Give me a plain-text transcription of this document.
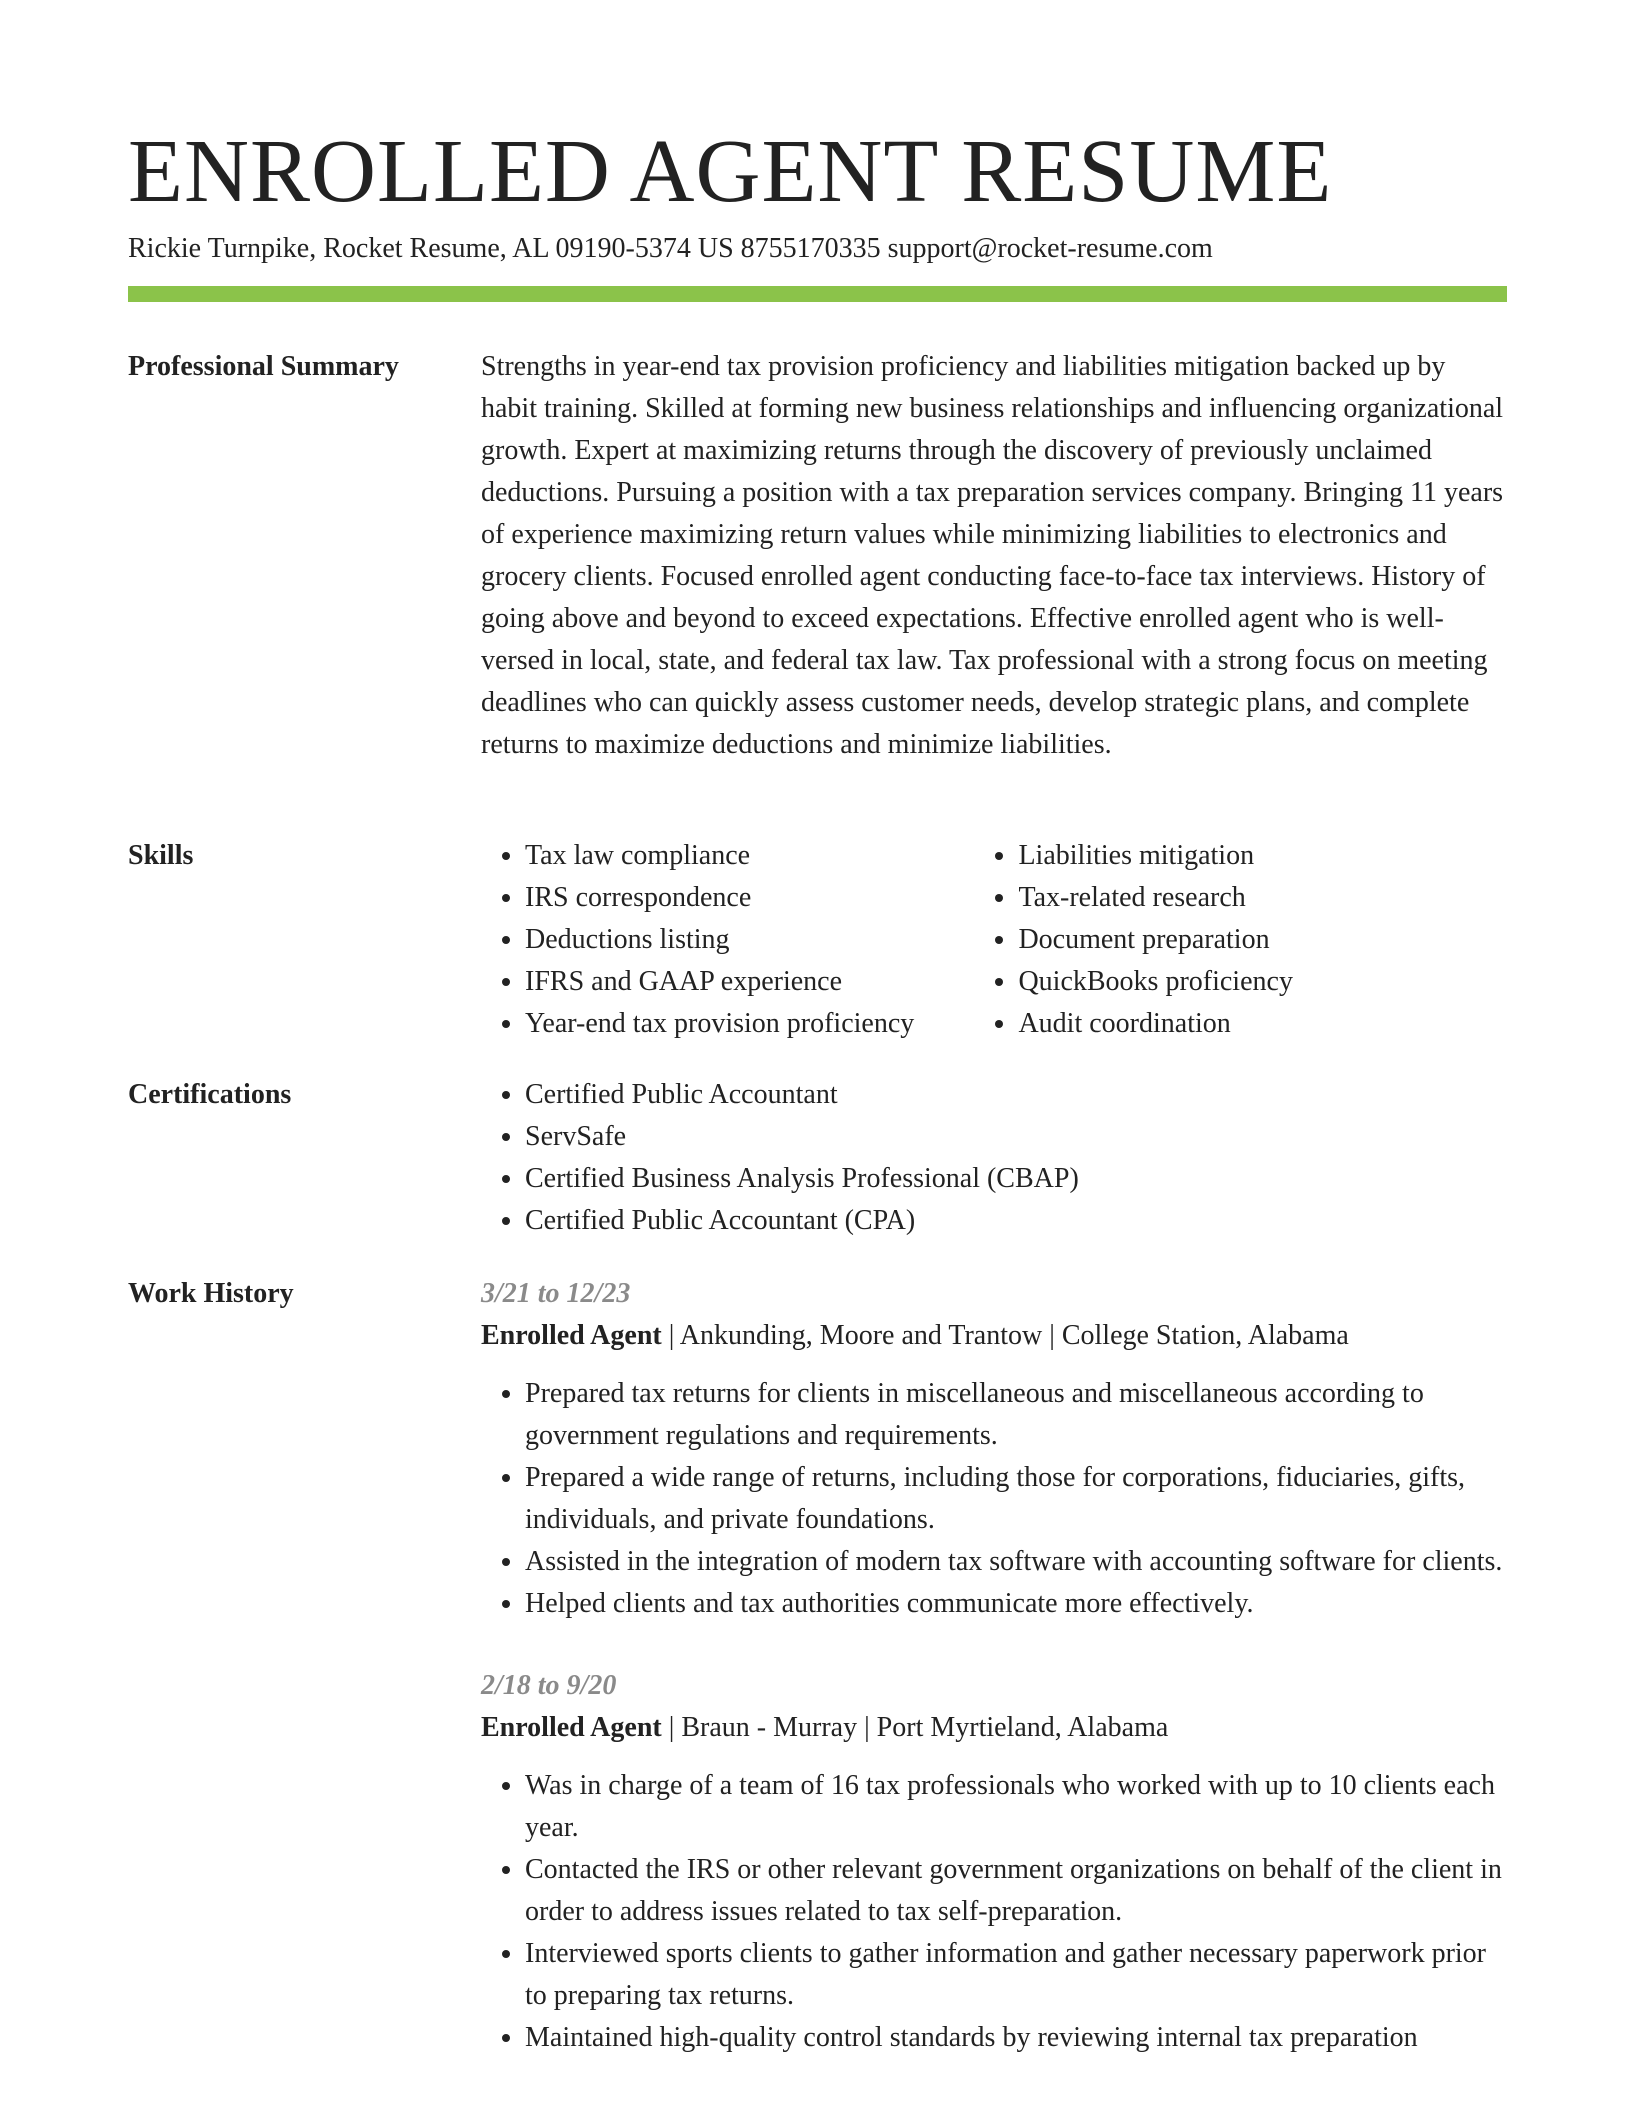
ENROLLED AGENT RESUME
Rickie Turnpike, Rocket Resume, AL 09190-5374 US 8755170335 support@rocket-resume.com
Professional Summary	Strengths in year-end tax provision proficiency and liabilities mitigation backed up by habit training. Skilled at forming new business relationships and influencing organizational growth. Expert at maximizing returns through the discovery of previously unclaimed deductions. Pursuing a position with a tax preparation services company. Bringing 11 years of experience maximizing return values while minimizing liabilities to electronics and grocery clients. Focused enrolled agent conducting face-to-face tax interviews. History of going above and beyond to exceed expectations. Effective enrolled agent who is well-versed in local, state, and federal tax law. Tax professional with a strong focus on meeting deadlines who can quickly assess customer needs, develop strategic plans, and complete returns to maximize deductions and minimize liabilities.

Skills	• Tax law compliance
• IRS correspondence
• Deductions listing
• IFRS and GAAP experience
• Year-end tax provision proficiency
• Liabilities mitigation
• Tax-related research
• Document preparation
• QuickBooks proficiency
• Audit coordination
Certifications	• Certified Public Accountant
• ServSafe
• Certified Business Analysis Professional (CBAP)
• Certified Public Accountant (CPA)
Work History	3/21 to 12/23
Enrolled Agent | Ankunding, Moore and Trantow | College Station, Alabama
• Prepared tax returns for clients in miscellaneous and miscellaneous according to government regulations and requirements.
• Prepared a wide range of returns, including those for corporations, fiduciaries, gifts, individuals, and private foundations.
• Assisted in the integration of modern tax software with accounting software for clients.
• Helped clients and tax authorities communicate more effectively.
2/18 to 9/20
Enrolled Agent | Braun - Murray | Port Myrtieland, Alabama
• Was in charge of a team of 16 tax professionals who worked with up to 10 clients each year.
• Contacted the IRS or other relevant government organizations on behalf of the client in order to address issues related to tax self-preparation.
• Interviewed sports clients to gather information and gather necessary paperwork prior to preparing tax returns.
• Maintained high-quality control standards by reviewing internal tax preparation
